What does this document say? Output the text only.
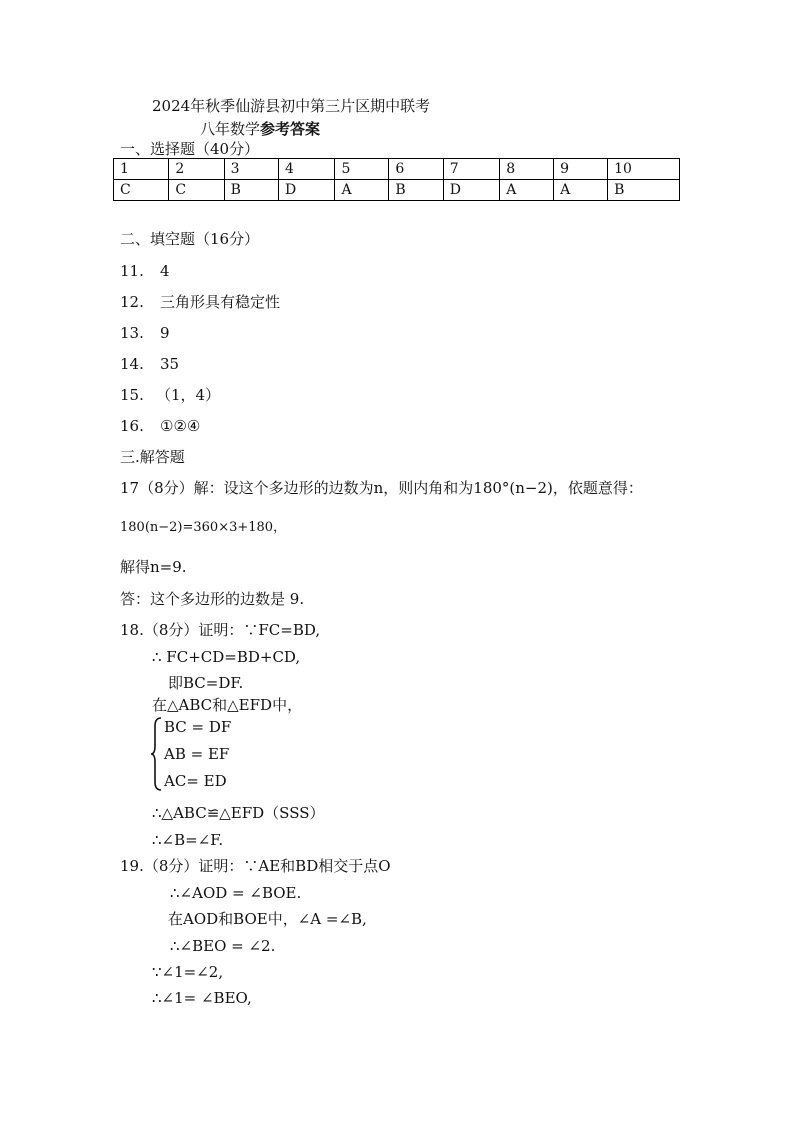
2024年秋季仙游县初中第三片区期中联考
八年数学参考答案
一、选择题（40分）
1	2	3	4	5	6	7	8	9	10
C	C	B	D	A	B	D	A	A	B
二、填空题（16分）
11. 4
12. 三角形具有稳定性
13. 9
14. 35
15. （1，4）
16. ①②④
三.解答题
17（8分）解：设这个多边形的边数为n，则内角和为180°(n−2)，依题意得：
180(n−2)=360×3+180，
解得n=9.
答：这个多边形的边数是 9.
18.（8分）证明：∵FC=BD,
∴ FC+CD=BD+CD,
即BC=DF.
在△ABC和△EFD中，
BC = DF
AB = EF
AC= ED
∴△ABC≌△EFD（SSS）
∴∠B=∠F.
19.（8分）证明：∵AE和BD相交于点O
∴∠AOD = ∠BOE.
在AOD和BOE中，∠A =∠B,
∴∠BEO = ∠2.
∵∠1=∠2,
∴∠1= ∠BEO,
